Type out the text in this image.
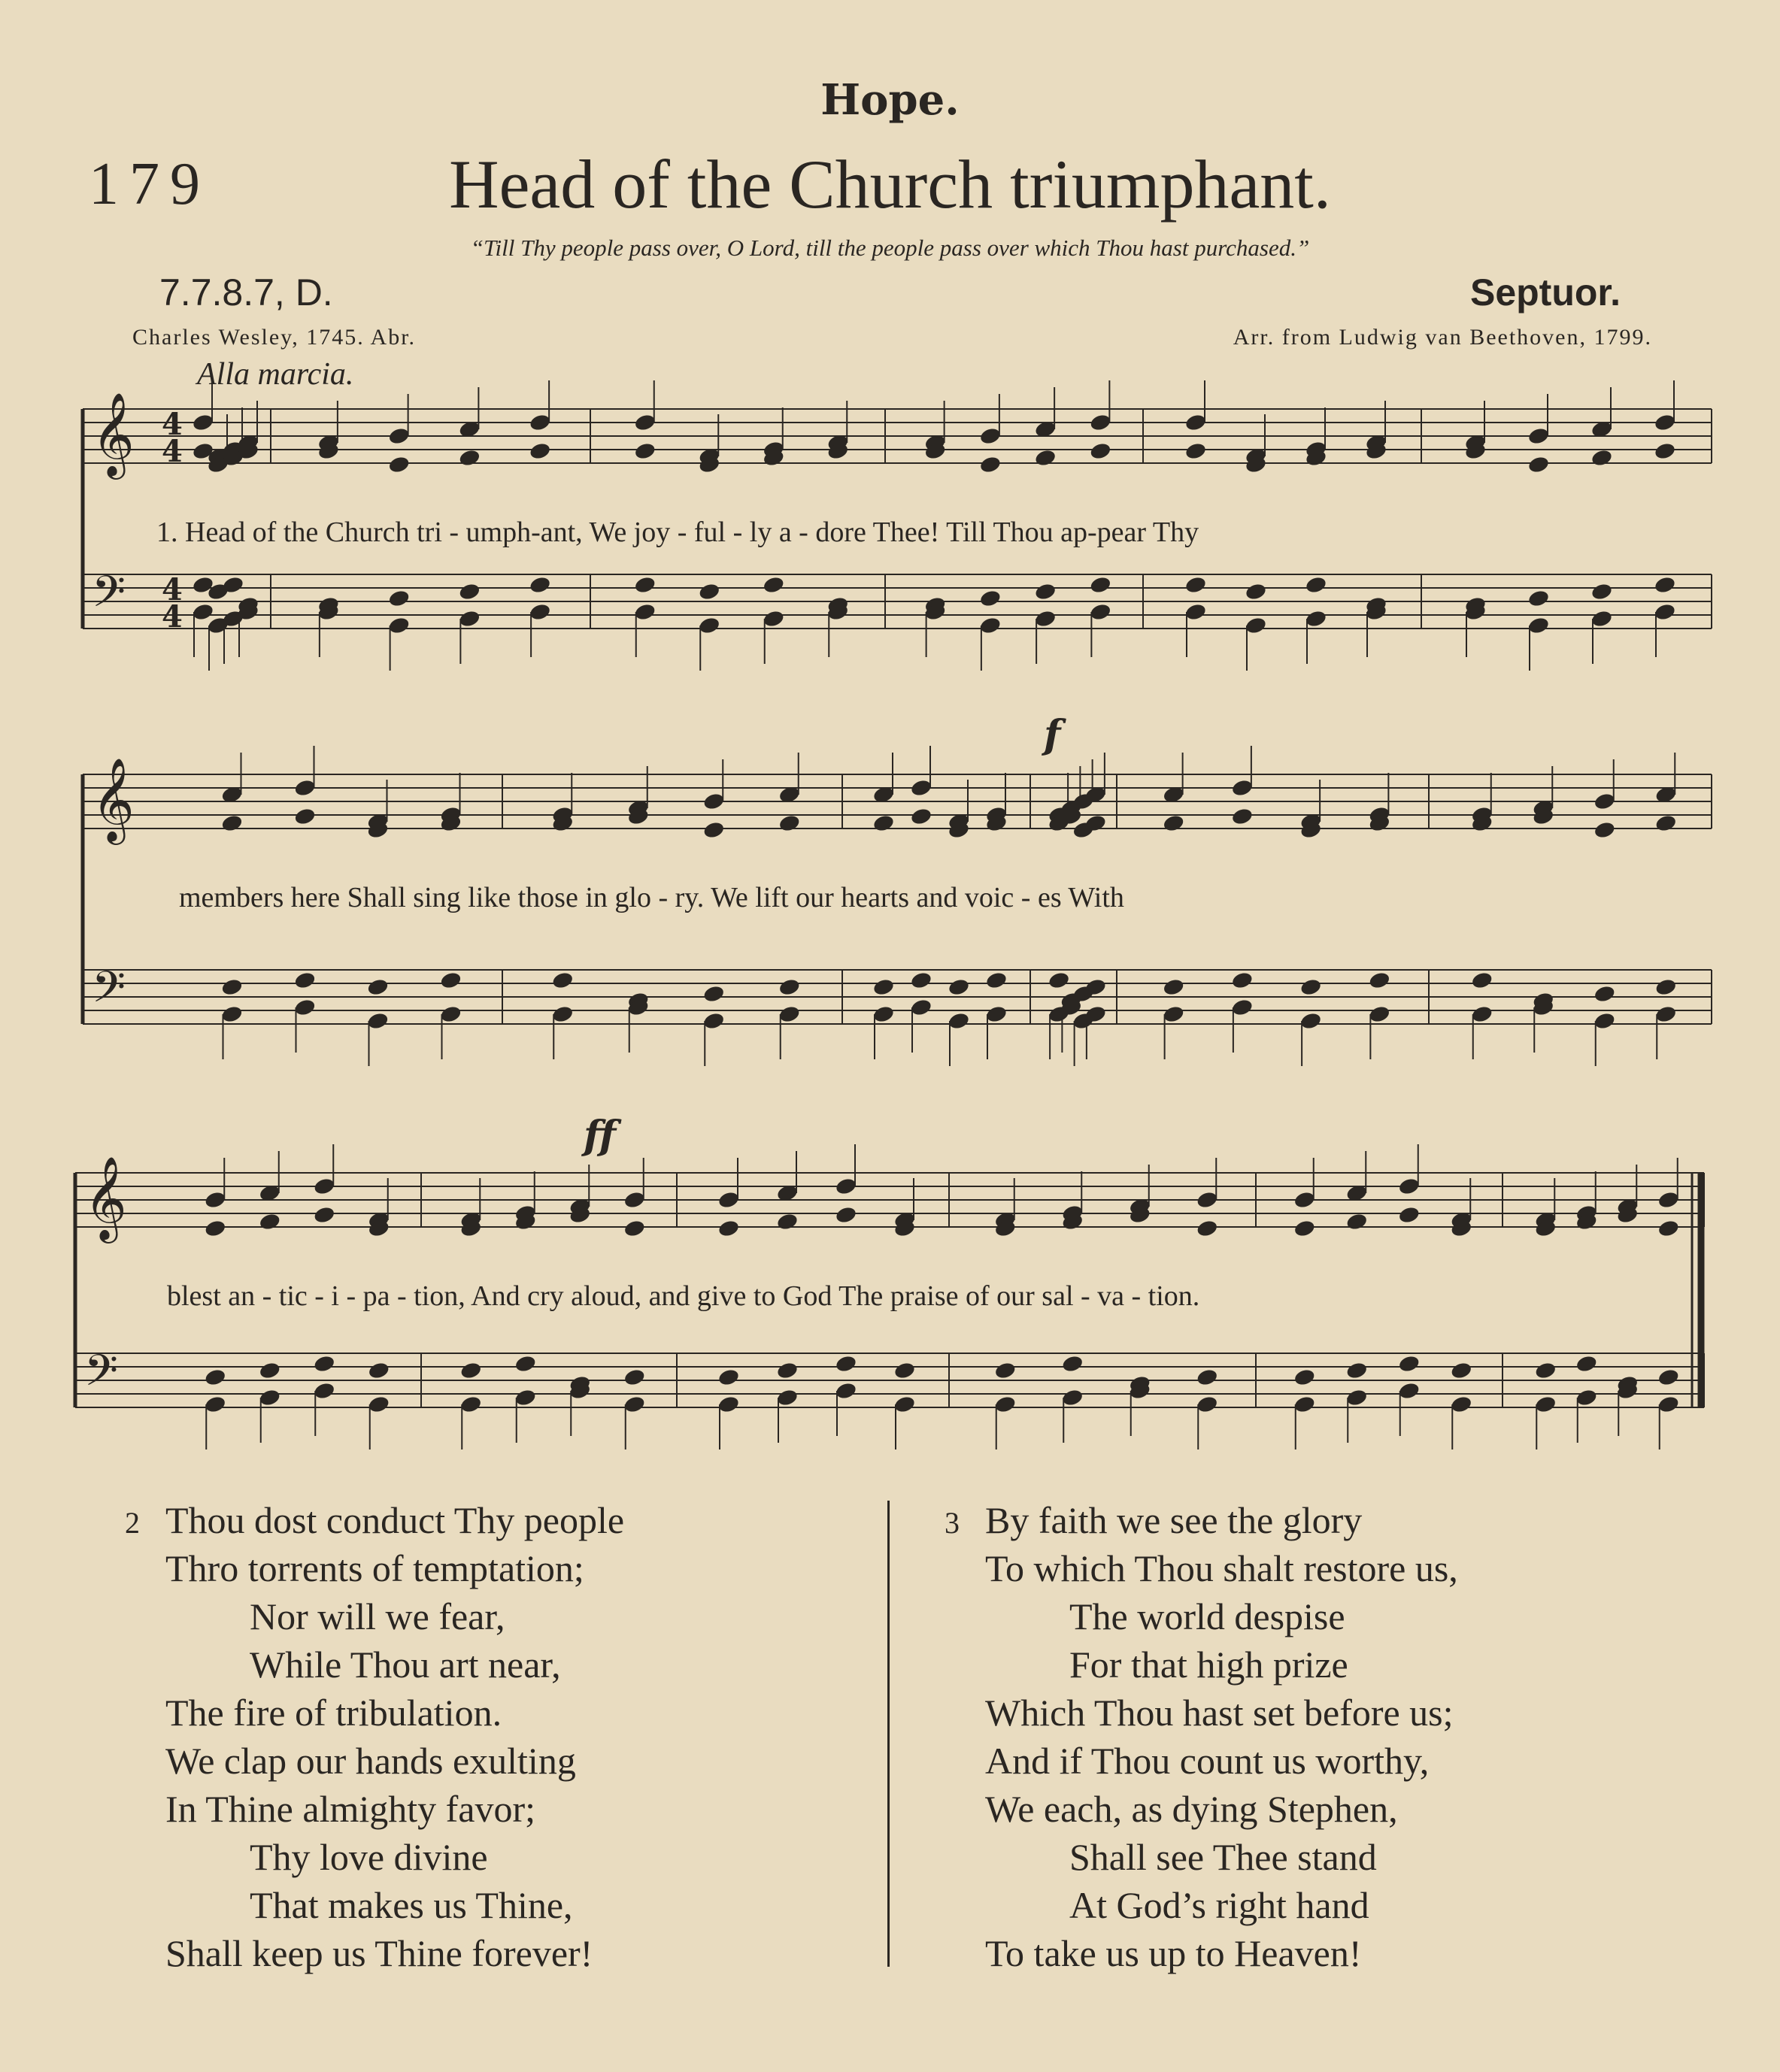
Hope.
179	Head of the Church triumphant.
“Till Thy people pass over, O Lord, till the people pass over which Thou hast purchased.”
7.7.8.7, D.	Septuor.
Charles Wesley, 1745. Abr.	Arr. from Ludwig van Beethoven, 1799.
Alla marcia.
𝄞
𝄢
𝄞
𝄢
𝄞
𝄢
4
4
4
4
f
ff
1. Head of the Church tri - umph-ant, We joy - ful - ly a - dore Thee! Till Thou ap-pear Thy
members here Shall sing like those in glo - ry. We lift our hearts and voic - es With
blest an - tic - i - pa - tion, And cry aloud, and give to God The praise of our sal - va - tion.
2 Thou dost conduct Thy people
Thro torrents of temptation;
Nor will we fear,
While Thou art near,
The fire of tribulation.
We clap our hands exulting
In Thine almighty favor;
Thy love divine
That makes us Thine,
Shall keep us Thine forever!
3 By faith we see the glory
To which Thou shalt restore us,
The world despise
For that high prize
Which Thou hast set before us;
And if Thou count us worthy,
We each, as dying Stephen,
Shall see Thee stand
At God’s right hand
To take us up to Heaven!
